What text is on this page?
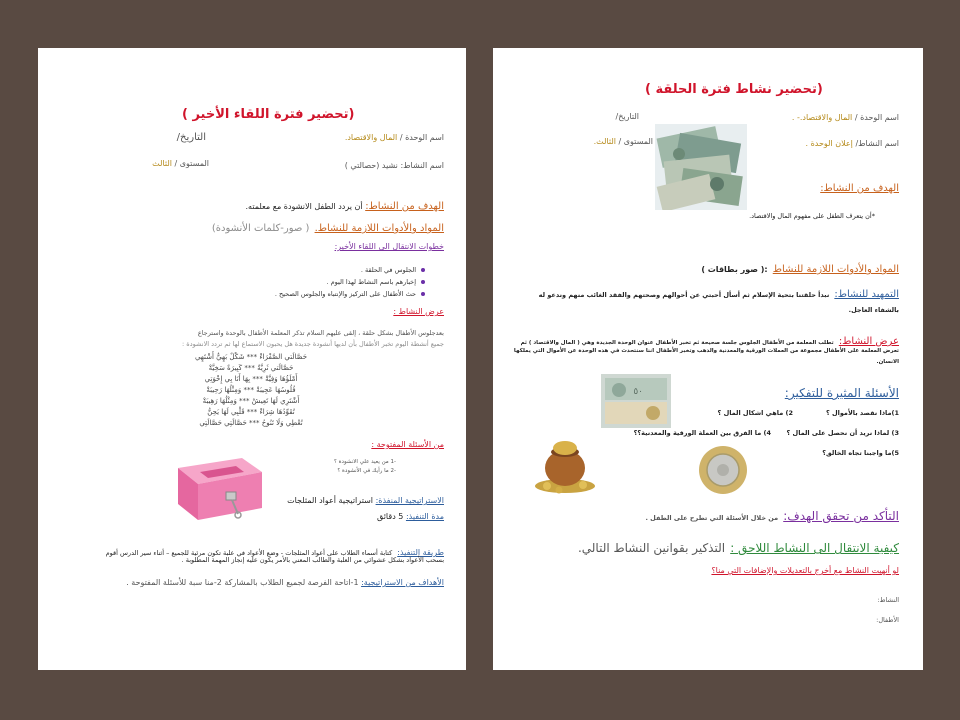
(تحضير فترة اللقاء الأخير )
التاريخ/	اسم الوحدة / المال والاقتصاد.
المستوى / الثالث	اسم النشاط: نشيد (حصالتي )
الهدف من النشاط: أن يردد الطفل الانشودة مع معلمته.
المواد والأدوات اللازمة للنشاط. ( صور-كلمات الأنشودة)
خطوات الانتقال الى اللقاء الأخير:
الجلوس في الحلقة .
إخبارهم باسم النشاط لهذا اليوم .
حث الأطفال على التركيز والإنتباه والجلوس الصحيح .
عرض النشاط :
بعدجلوس الأطفال بشكل حلقة ، إلقى عليهم السلام تذكر المعلمة الأطفال بالوحدة واسترجاع
جميع أنشطة اليوم تخبر الأطفال بأن لديها أنشودة جديدة هل يحبون الاستماع لها ثم تردد الانشودة :
حَصَّالَتي الصَّفْرَاءْ *** شَكْلٌ بَهِيٌّ أَشْتَهِي
حَصَّالَتي ثَرِيَّةٌ *** كَبِيرَةٌ سَخِيَّةْ
أَمْلَؤُهَا وَفِيَّةْ *** بِهَا أَنَا بِي إِخْوَتِي
فُلُوسُهَا عَجِيبَةْ *** وَمِثْلُهَا رَحِيبَةْ
أَشْتَرِي لَهَا تَعِيشْ *** وَمِثْلُهَا رَهِيبَةْ
تُقَوِّدُهَا شِرَاءْ *** قَلْبِي لَهَا يَحِنُّ
تُعْطِي وَلَا تَنُوحُ *** حَصَّالَتِي حَصَّالَتِي
من الأسئلة المفتوحة :
-1 من يعيد علي الانشودة ؟
-2 ما رأيك في الأنشودة ؟
الاستراتيجية المنفذة: استراتيجية أعواد المثلجات
مدة التنفيذ: 5 دقائق
طريقة التنفيذ: كتابة أسماء الطلاب على أعواد المثلجات - وضع الأعواد في علبة تكون مرئية للجميع – أثناء سير الدرس أقوم
بسحب الأعواد بشكل عشوائي من العلبة والطالب المعني بالأمر يكون عليه إنجاز المهمة المطلوبة .
الأهداف من الاستراتيجية: 1-اتاحة الفرصة لجميع الطلاب بالمشاركة 2-منا سبة للأسئلة المفتوحة .
(تحضير نشاط فترة الحلقة )
اسم الوحدة / المال والاقتصاد.- .
التاريخ/
اسم النشاط/ إعلان الوحدة .
المستوى / الثالث.
الهدف من النشاط:
*أن يتعرف الطفل على مفهوم المال والاقتصاد.
المواد والأدوات اللازمة للنشاط :( صور بطاقات )
التمهيد للنشاط: نبدأ حلقتنا بتحية الإسلام ثم أسأل أحبتي عن أحوالهم وصحتهم والفقد الغائب منهم وندعو له
بالشفاء العاجل.
عرض النشاط: تطلب المعلمة من الأطفال الجلوس جلسة صحيحة ثم تخبر الأطفال عنوان الوحدة الجديدة وهي ( المال والاقتصاد ) ثم
تعرض المعلمة على الأطفال مجموعة من العملات الورقية والمعدنية والذهب وتخبر الأطفال اننا سنتحدث في هذه الوحدة عن الأموال التي يملكها
الانسان.
٥٠	الأسئلة المثيرة للتفكير:
1)ماذا نقصد بالأموال ؟
2) ماهي اشكال المال ؟
3) لماذا نريد أن نحصل على المال ؟
4) ما الفرق بين العملة الورقية والمعدنية؟؟
5)ما واجبنا تجاه الخالق؟
التأكد من تحقق الهدف: من خلال الأسئلة التي تطرح على الطفل .
كيفية الانتقال الى النشاط اللاحق : التذكير بقوانين النشاط التالي.
لو أنهيت النشاط مع أخرج بالتعديلات والإضافات التي منا؟
النشاط:
الأطفال:
